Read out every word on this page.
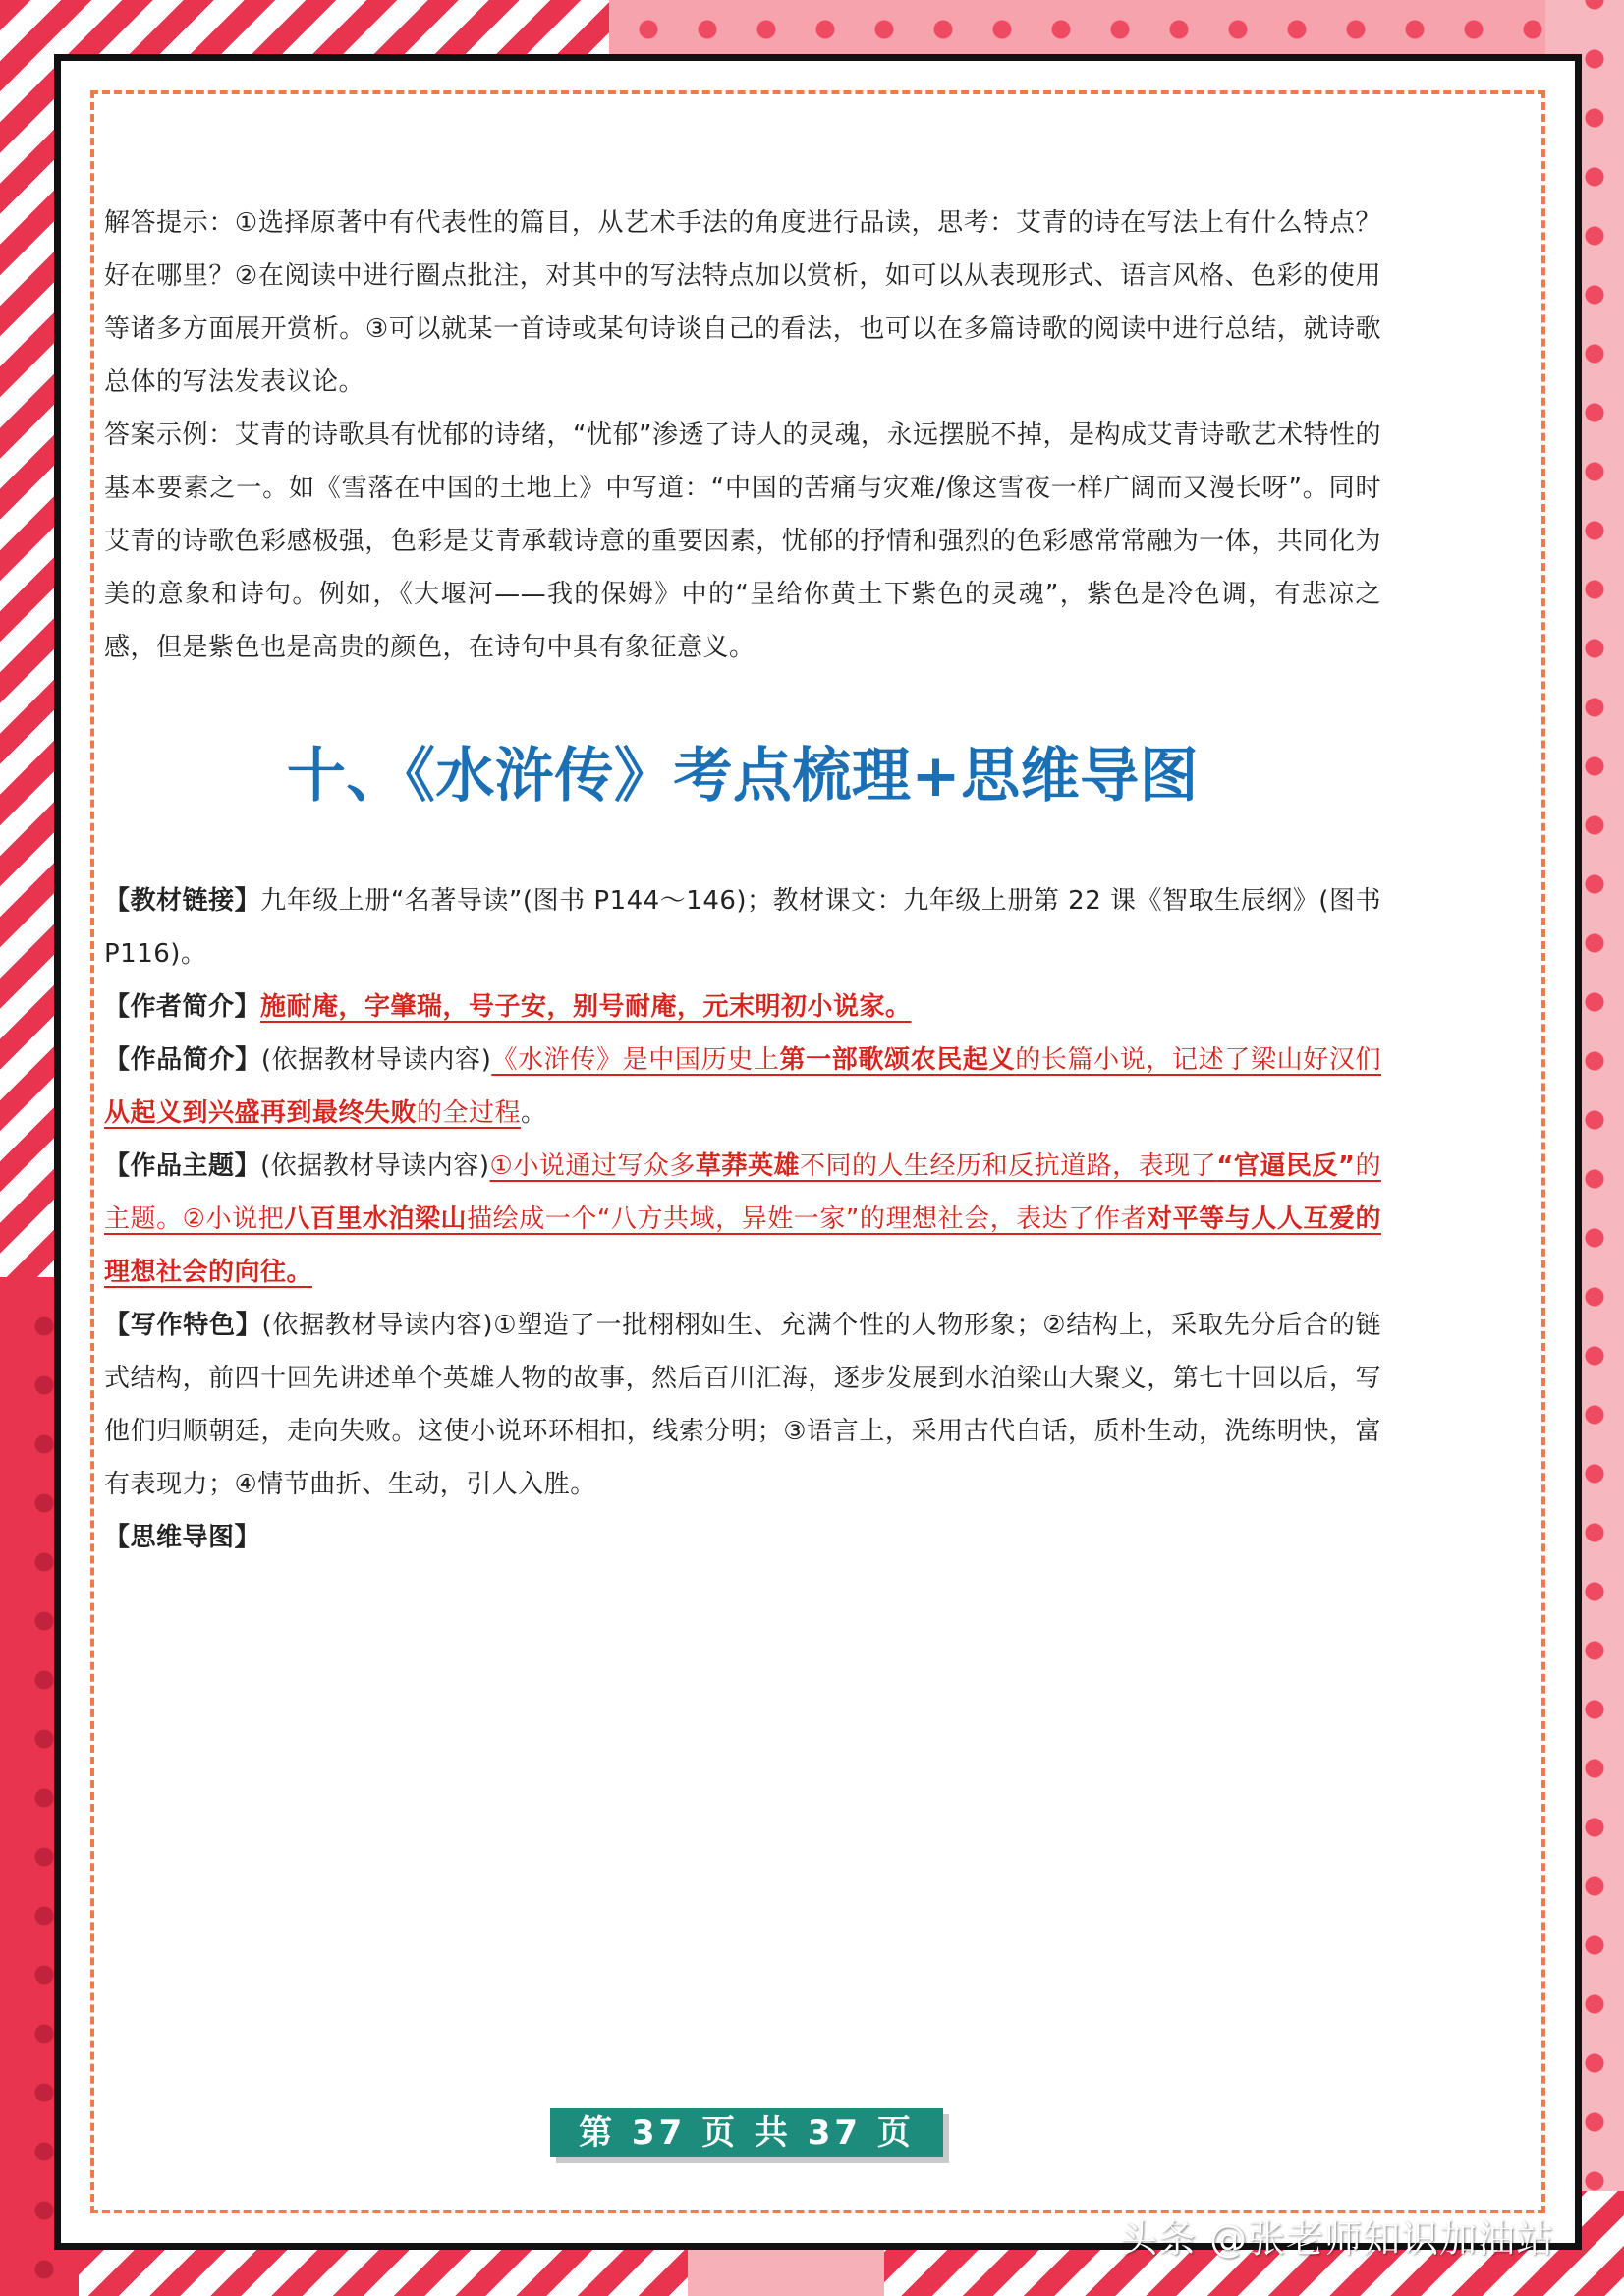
解答提示：①选择原著中有代表性的篇目，从艺术手法的角度进行品读，思考：艾青的诗在写法上有什么特点？好在哪里？②在阅读中进行圈点批注，对其中的写法特点加以赏析，如可以从表现形式、语言风格、色彩的使用等诸多方面展开赏析。③可以就某一首诗或某句诗谈自己的看法，也可以在多篇诗歌的阅读中进行总结，就诗歌总体的写法发表议论。

答案示例：艾青的诗歌具有忧郁的诗绪，“忧郁”渗透了诗人的灵魂，永远摆脱不掉，是构成艾青诗歌艺术特性的基本要素之一。如《雪落在中国的土地上》中写道：“中国的苦痛与灾难/像这雪夜一样广阔而又漫长呀”。同时艾青的诗歌色彩感极强，色彩是艾青承载诗意的重要因素，忧郁的抒情和强烈的色彩感常常融为一体，共同化为美的意象和诗句。例如，《大堰河——我的保姆》中的“呈给你黄土下紫色的灵魂”，紫色是冷色调，有悲凉之感，但是紫色也是高贵的颜色，在诗句中具有象征意义。

十、《水浒传》考点梳理+思维导图

【教材链接】九年级上册“名著导读”(图书 P144～146)；教材课文：九年级上册第 22 课《智取生辰纲》(图书 P116)。

【作者简介】施耐庵，字肇瑞，号子安，别号耐庵，元末明初小说家。

【作品简介】(依据教材导读内容)《水浒传》是中国历史上第一部歌颂农民起义的长篇小说，记述了梁山好汉们从起义到兴盛再到最终失败的全过程。

【作品主题】(依据教材导读内容)①小说通过写众多草莽英雄不同的人生经历和反抗道路，表现了“官逼民反”的主题。②小说把八百里水泊梁山描绘成一个“八方共域，异姓一家”的理想社会，表达了作者对平等与人人互爱的理想社会的向往。

【写作特色】(依据教材导读内容)①塑造了一批栩栩如生、充满个性的人物形象；②结构上，采取先分后合的链式结构，前四十回先讲述单个英雄人物的故事，然后百川汇海，逐步发展到水泊梁山大聚义，第七十回以后，写他们归顺朝廷，走向失败。这使小说环环相扣，线索分明；③语言上，采用古代白话，质朴生动，洗练明快，富有表现力；④情节曲折、生动，引人入胜。

【思维导图】

第 37 页 共 37 页
头条 @张老师知识加油站
